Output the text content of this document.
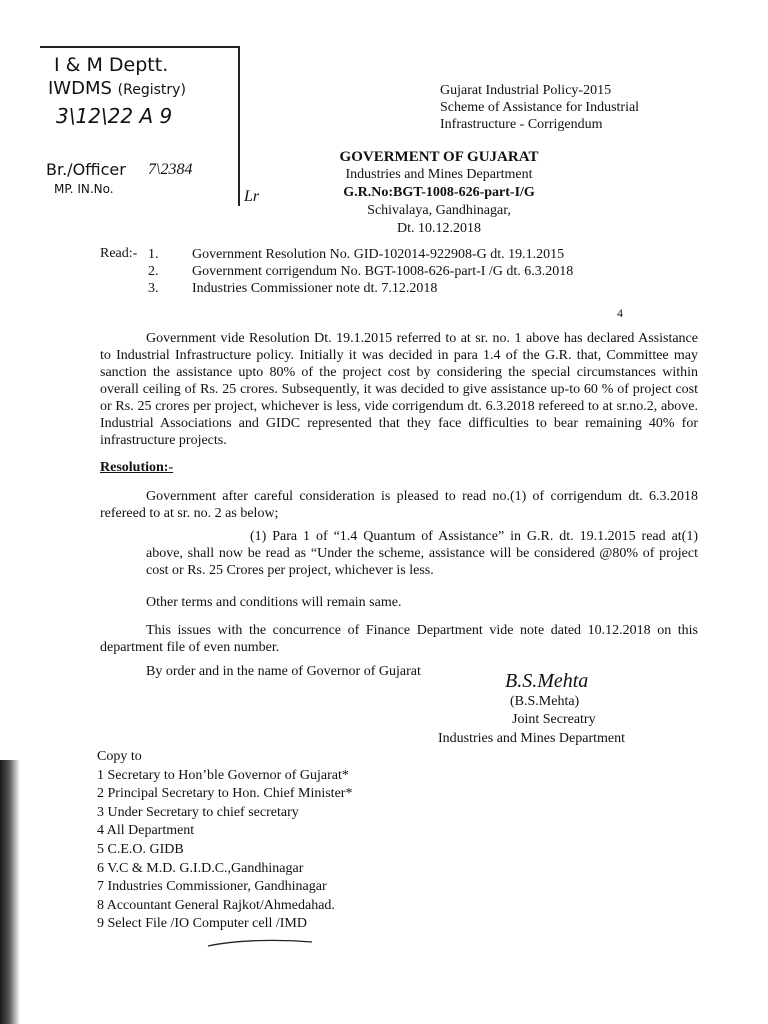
I & M Deptt.
IWDMS (Registry)
3\12\22 A 9
Br./Officer 7\2384
MP. IN.No.	Lr
Gujarat Industrial Policy-2015
Scheme of Assistance for Industrial
Infrastructure - Corrigendum
GOVERMENT OF GUJARAT
Industries and Mines Department
G.R.No:BGT-1008-626-part-I/G
Schivalaya, Gandhinagar,
Dt. 10.12.2018
Read:- 1.	Government Resolution No. GID-102014-922908-G dt. 19.1.2015
2.	Government corrigendum No. BGT-1008-626-part-I /G dt. 6.3.2018
3.	Industries Commissioner note dt. 7.12.2018
4

Government vide Resolution Dt. 19.1.2015 referred to at sr. no. 1 above has declared Assistance to Industrial Infrastructure policy. Initially it was decided in para 1.4 of the G.R. that, Committee may sanction the assistance upto 80% of the project cost by considering the special circumstances within overall ceiling of Rs. 25 crores. Subsequently, it was decided to give assistance up-to 60 % of project cost or Rs. 25 crores per project, whichever is less, vide corrigendum dt. 6.3.2018 refereed to at sr.no.2, above. Industrial Associations and GIDC represented that they face difficulties to bear remaining 40% for infrastructure projects.

Resolution:-

Government after careful consideration is pleased to read no.(1) of corrigendum dt. 6.3.2018 refereed to at sr. no. 2 as below;

(1) Para 1 of “1.4 Quantum of Assistance” in G.R. dt. 19.1.2015 read at(1) above, shall now be read as “Under the scheme, assistance will be considered @80% of project cost or Rs. 25 Crores per project, whichever is less.

Other terms and conditions will remain same.

This issues with the concurrence of Finance Department vide note dated 10.12.2018 on this department file of even number.

By order and in the name of Governor of Gujarat	B.S.Mehta
(B.S.Mehta)
Joint Secreatry
Industries and Mines Department
Copy to
1 Secretary to Hon’ble Governor of Gujarat*
2 Principal Secretary to Hon. Chief Minister*
3 Under Secretary to chief secretary
4 All Department
5 C.E.O. GIDB
6 V.C & M.D. G.I.D.C.,Gandhinagar
7 Industries Commissioner, Gandhinagar
8 Accountant General Rajkot/Ahmedahad.
9 Select File /IO Computer cell /IMD
